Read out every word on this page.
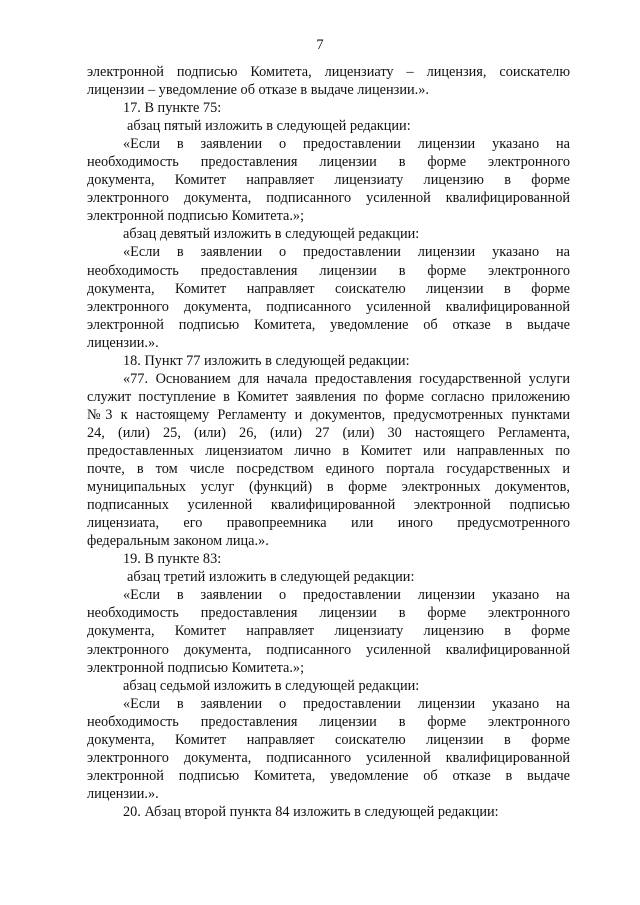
7
электронной подписью Комитета, лицензиату – лицензия, соискателю
лицензии – уведомление об отказе в выдаче лицензии.».
17. В пункте 75:
абзац пятый изложить в следующей редакции:
«Если в заявлении о предоставлении лицензии указано на
необходимость предоставления лицензии в форме электронного
документа, Комитет направляет лицензиату лицензию в форме
электронного документа, подписанного усиленной квалифицированной
электронной подписью Комитета.»;
абзац девятый изложить в следующей редакции:
«Если в заявлении о предоставлении лицензии указано на
необходимость предоставления лицензии в форме электронного
документа, Комитет направляет соискателю лицензии в форме
электронного документа, подписанного усиленной квалифицированной
электронной подписью Комитета, уведомление об отказе в выдаче
лицензии.».
18. Пункт 77 изложить в следующей редакции:
«77. Основанием для начала предоставления государственной услуги
служит поступление в Комитет заявления по форме согласно приложению
№3 к настоящему Регламенту и документов, предусмотренных пунктами
24, (или) 25, (или) 26, (или) 27 (или) 30 настоящего Регламента,
предоставленных лицензиатом лично в Комитет или направленных по
почте, в том числе посредством единого портала государственных и
муниципальных услуг (функций) в форме электронных документов,
подписанных усиленной квалифицированной электронной подписью
лицензиата, его правопреемника или иного предусмотренного
федеральным законом лица.».
19. В пункте 83:
абзац третий изложить в следующей редакции:
«Если в заявлении о предоставлении лицензии указано на
необходимость предоставления лицензии в форме электронного
документа, Комитет направляет лицензиату лицензию в форме
электронного документа, подписанного усиленной квалифицированной
электронной подписью Комитета.»;
абзац седьмой изложить в следующей редакции:
«Если в заявлении о предоставлении лицензии указано на
необходимость предоставления лицензии в форме электронного
документа, Комитет направляет соискателю лицензии в форме
электронного документа, подписанного усиленной квалифицированной
электронной подписью Комитета, уведомление об отказе в выдаче
лицензии.».
20. Абзац второй пункта 84 изложить в следующей редакции:
